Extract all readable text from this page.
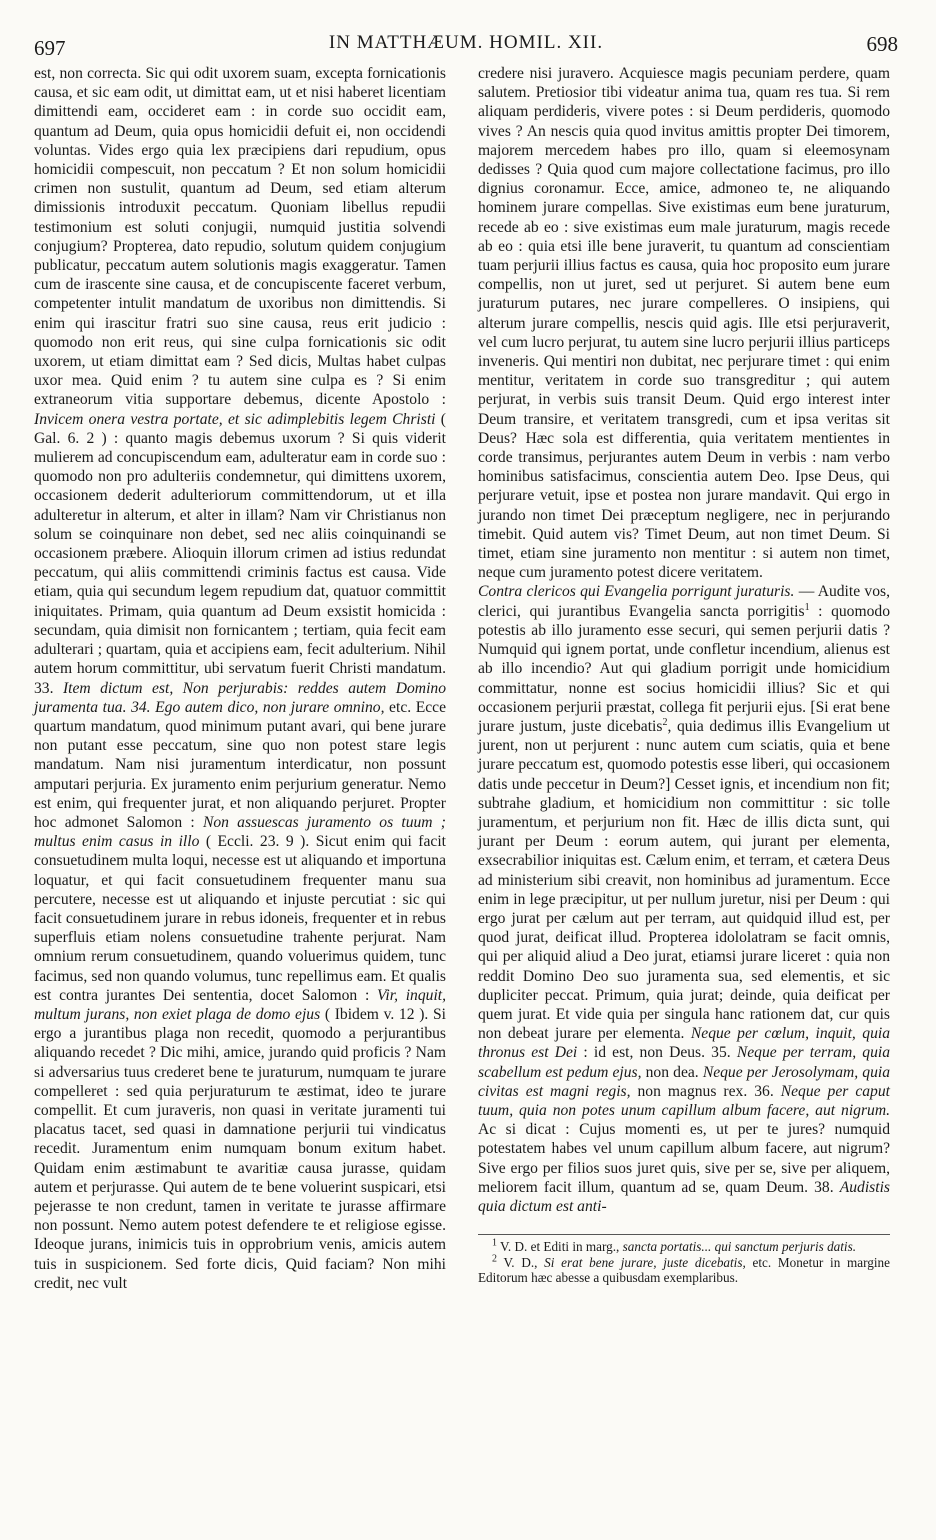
697	IN MATTHÆUM. HOMIL. XII.	698

est, non correcta. Sic qui odit uxorem suam, excepta fornicationis causa, et sic eam odit, ut dimittat eam, ut et nisi haberet licentiam dimittendi eam, occideret eam : in corde suo occidit eam, quantum ad Deum, quia opus homicidii defuit ei, non occidendi voluntas. Vides ergo quia lex præcipiens dari repudium, opus homicidii compescuit, non peccatum ? Et non solum homicidii crimen non sustulit, quantum ad Deum, sed etiam alterum dimissionis introduxit peccatum. Quoniam libellus repudii testimonium est soluti conjugii, numquid justitia solvendi conjugium? Propterea, dato repudio, solutum quidem conjugium publicatur, peccatum autem solutionis magis exaggeratur. Tamen cum de irascente sine causa, et de concupiscente faceret verbum, competenter intulit mandatum de uxoribus non dimittendis. Si enim qui irascitur fratri suo sine causa, reus erit judicio : quomodo non erit reus, qui sine culpa fornicationis sic odit uxorem, ut etiam dimittat eam ? Sed dicis, Multas habet culpas uxor mea. Quid enim ? tu autem sine culpa es ? Si enim extraneorum vitia supportare debemus, dicente Apostolo : Invicem onera vestra portate, et sic adimplebitis legem Christi ( Gal. 6. 2 ) : quanto magis debemus uxorum ? Si quis viderit mulierem ad concupiscendum eam, adulteratur eam in corde suo : quomodo non pro adulteriis condemnetur, qui dimittens uxorem, occasionem dederit adulteriorum committendorum, ut et illa adulteretur in alterum, et alter in illam? Nam vir Christianus non solum se coinquinare non debet, sed nec aliis coinquinandi se occasionem præbere. Alioquin illorum crimen ad istius redundat peccatum, qui aliis committendi criminis factus est causa. Vide etiam, quia qui secundum legem repudium dat, quatuor committit iniquitates. Primam, quia quantum ad Deum exsistit homicida : secundam, quia dimisit non fornicantem ; tertiam, quia fecit eam adulterari ; quartam, quia et accipiens eam, fecit adulterium. Nihil autem horum committitur, ubi servatum fuerit Christi mandatum. 33. Item dictum est, Non perjurabis: reddes autem Domino juramenta tua. 34. Ego autem dico, non jurare omnino, etc. Ecce quartum mandatum, quod minimum putant avari, qui bene jurare non putant esse peccatum, sine quo non potest stare legis mandatum. Nam nisi juramentum interdicatur, non possunt amputari perjuria. Ex juramento enim perjurium generatur. Nemo est enim, qui frequenter jurat, et non aliquando perjuret. Propter hoc admonet Salomon : Non assuescas juramento os tuum ; multus enim casus in illo ( Eccli. 23. 9 ). Sicut enim qui facit consuetudinem multa loqui, necesse est ut aliquando et importuna loquatur, et qui facit consuetudinem frequenter manu sua percutere, necesse est ut aliquando et injuste percutiat : sic qui facit consuetudinem jurare in rebus idoneis, frequenter et in rebus superfluis etiam nolens consuetudine trahente perjurat. Nam omnium rerum consuetudinem, quando voluerimus quidem, tunc facimus, sed non quando volumus, tunc repellimus eam. Et qualis est contra jurantes Dei sententia, docet Salomon : Vir, inquit, multum jurans, non exiet plaga de domo ejus ( Ibidem v. 12 ). Si ergo a jurantibus plaga non recedit, quomodo a perjurantibus aliquando recedet ? Dic mihi, amice, jurando quid proficis ? Nam si adversarius tuus crederet bene te juraturum, numquam te jurare compelleret : sed quia perjuraturum te æstimat, ideo te jurare compellit. Et cum juraveris, non quasi in veritate juramenti tui placatus tacet, sed quasi in damnatione perjurii tui vindicatus recedit. Juramentum enim numquam bonum exitum habet. Quidam enim æstimabunt te avaritiæ causa jurasse, quidam autem et perjurasse. Qui autem de te bene voluerint suspicari, etsi pejerasse te non credunt, tamen in veritate te jurasse affirmare non possunt. Nemo autem potest defendere te et religiose egisse. Ideoque jurans, inimicis tuis in opprobrium venis, amicis autem tuis in suspicionem. Sed forte dicis, Quid faciam? Non mihi credit, nec vult

credere nisi juravero. Acquiesce magis pecuniam perdere, quam salutem. Pretiosior tibi videatur anima tua, quam res tua. Si rem aliquam perdideris, vivere potes : si Deum perdideris, quomodo vives ? An nescis quia quod invitus amittis propter Dei timorem, majorem mercedem habes pro illo, quam si eleemosynam dedisses ? Quia quod cum majore collectatione facimus, pro illo dignius coronamur. Ecce, amice, admoneo te, ne aliquando hominem jurare compellas. Sive existimas eum bene juraturum, recede ab eo : sive existimas eum male juraturum, magis recede ab eo : quia etsi ille bene juraverit, tu quantum ad conscientiam tuam perjurii illius factus es causa, quia hoc proposito eum jurare compellis, non ut juret, sed ut perjuret. Si autem bene eum juraturum putares, nec jurare compelleres. O insipiens, qui alterum jurare compellis, nescis quid agis. Ille etsi perjuraverit, vel cum lucro perjurat, tu autem sine lucro perjurii illius particeps inveneris. Qui mentiri non dubitat, nec perjurare timet : qui enim mentitur, veritatem in corde suo transgreditur ; qui autem perjurat, in verbis suis transit Deum. Quid ergo interest inter Deum transire, et veritatem transgredi, cum et ipsa veritas sit Deus? Hæc sola est differentia, quia veritatem mentientes in corde transimus, perjurantes autem Deum in verbis : nam verbo hominibus satisfacimus, conscientia autem Deo. Ipse Deus, qui perjurare vetuit, ipse et postea non jurare mandavit. Qui ergo in jurando non timet Dei præceptum negligere, nec in perjurando timebit. Quid autem vis? Timet Deum, aut non timet Deum. Si timet, etiam sine juramento non mentitur : si autem non timet, neque cum juramento potest dicere veritatem.

Contra clericos qui Evangelia porrigunt juraturis. — Audite vos, clerici, qui jurantibus Evangelia sancta porrigitis$^1$ : quomodo potestis ab illo juramento esse securi, qui semen perjurii datis ? Numquid qui ignem portat, unde confletur incendium, alienus est ab illo incendio? Aut qui gladium porrigit unde homicidium committatur, nonne est socius homicidii illius? Sic et qui occasionem perjurii præstat, collega fit perjurii ejus. [Si erat bene jurare justum, juste dicebatis$^2$, quia dedimus illis Evangelium ut jurent, non ut perjurent : nunc autem cum sciatis, quia et bene jurare peccatum est, quomodo potestis esse liberi, qui occasionem datis unde peccetur in Deum?] Cesset ignis, et incendium non fit; subtrahe gladium, et homicidium non committitur : sic tolle juramentum, et perjurium non fit. Hæc de illis dicta sunt, qui jurant per Deum : eorum autem, qui jurant per elementa, exsecrabilior iniquitas est. Cælum enim, et terram, et cætera Deus ad ministerium sibi creavit, non hominibus ad juramentum. Ecce enim in lege præcipitur, ut per nullum juretur, nisi per Deum : qui ergo jurat per cælum aut per terram, aut quidquid illud est, per quod jurat, deificat illud. Propterea idololatram se facit omnis, qui per aliquid aliud a Deo jurat, etiamsi jurare liceret : quia non reddit Domino Deo suo juramenta sua, sed elementis, et sic dupliciter peccat. Primum, quia jurat; deinde, quia deificat per quem jurat. Et vide quia per singula hanc rationem dat, cur quis non debeat jurare per elementa. Neque per cœlum, inquit, quia thronus est Dei : id est, non Deus. 35. Neque per terram, quia scabellum est pedum ejus, non dea. Neque per Jerosolymam, quia civitas est magni regis, non magnus rex. 36. Neque per caput tuum, quia non potes unum capillum album facere, aut nigrum. Ac si dicat : Cujus momenti es, ut per te jures? numquid potestatem habes vel unum capillum album facere, aut nigrum? Sive ergo per filios suos juret quis, sive per se, sive per aliquem, meliorem facit illum, quantum ad se, quam Deum. 38. Audistis quia dictum est anti-

$^1$ V. D. et Editi in marg., sancta portatis... qui sanctum perjuris datis.

$^2$ V. D., Si erat bene jurare, juste dicebatis, etc. Monetur in margine Editorum hæc abesse a quibusdam exemplaribus.
